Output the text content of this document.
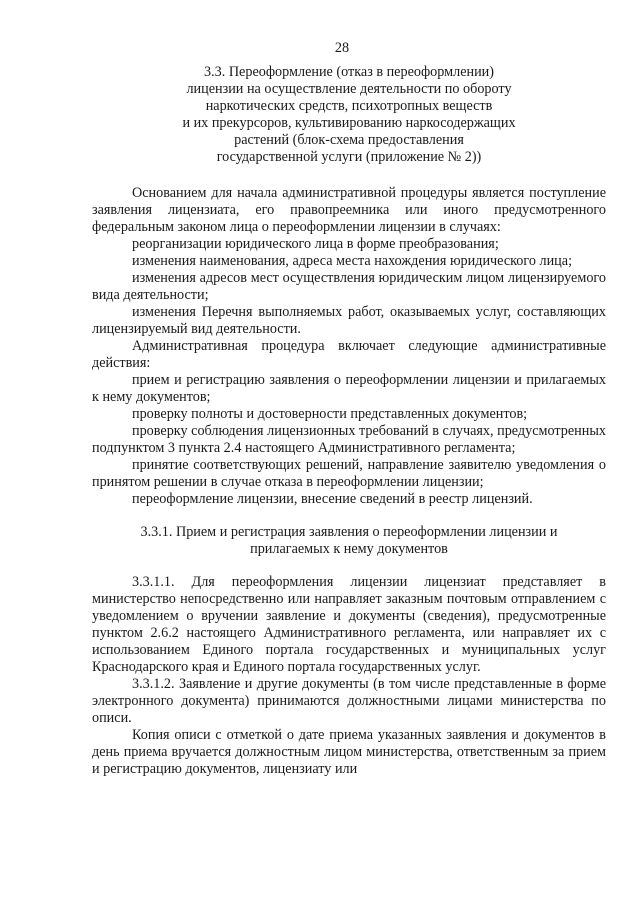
28
3.3. Переоформление (отказ в переоформлении)
лицензии на осуществление деятельности по обороту
наркотических средств, психотропных веществ
и их прекурсоров, культивированию наркосодержащих
растений (блок-схема предоставления
государственной услуги (приложение № 2))

Основанием для начала административной процедуры является поступление заявления лицензиата, его правопреемника или иного предусмотренного федеральным законом лица о переоформлении лицензии в случаях:

реорганизации юридического лица в форме преобразования;

изменения наименования, адреса места нахождения юридического лица;

изменения адресов мест осуществления юридическим лицом лицензируемого вида деятельности;

изменения Перечня выполняемых работ, оказываемых услуг, составляющих лицензируемый вид деятельности.

Административная процедура включает следующие административные действия:

прием и регистрацию заявления о переоформлении лицензии и прилагаемых к нему документов;

проверку полноты и достоверности представленных документов;

проверку соблюдения лицензионных требований в случаях, предусмотренных подпунктом 3 пункта 2.4 настоящего Административного регламента;

принятие соответствующих решений, направление заявителю уведомления о принятом решении в случае отказа в переоформлении лицензии;

переоформление лицензии, внесение сведений в реестр лицензий.

3.3.1. Прием и регистрация заявления о переоформлении лицензии и
прилагаемых к нему документов

3.3.1.1. Для переоформления лицензии лицензиат представляет в министерство непосредственно или направляет заказным почтовым отправлением с уведомлением о вручении заявление и документы (сведения), предусмотренные пунктом 2.6.2 настоящего Административного регламента, или направляет их с использованием Единого портала государственных и муниципальных услуг Краснодарского края и Единого портала государственных услуг.

3.3.1.2. Заявление и другие документы (в том числе представленные в форме электронного документа) принимаются должностными лицами министерства по описи.

Копия описи с отметкой о дате приема указанных заявления и документов в день приема вручается должностным лицом министерства, ответственным за прием и регистрацию документов, лицензиату или
